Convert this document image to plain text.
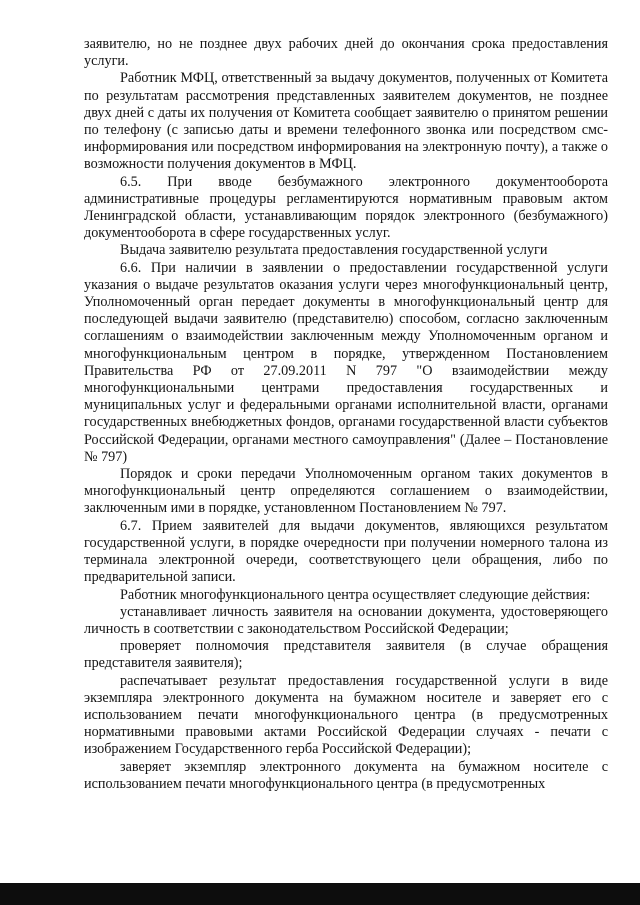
заявителю, но не позднее двух рабочих дней до окончания срока предоставления услуги.

Работник МФЦ, ответственный за выдачу документов, полученных от Комитета по результатам рассмотрения представленных заявителем документов, не позднее двух дней с даты их получения от Комитета сообщает заявителю о принятом решении по телефону (с записью даты и времени телефонного звонка или посредством смс-информирования или посредством информирования на электронную почту), а также о возможности получения документов в МФЦ.

6.5. При вводе безбумажного электронного документооборота административные процедуры регламентируются нормативным правовым актом Ленинградской области, устанавливающим порядок электронного (безбумажного) документооборота в сфере государственных услуг.

Выдача заявителю результата предоставления государственной услуги

6.6. При наличии в заявлении о предоставлении государственной услуги указания о выдаче результатов оказания услуги через многофункциональный центр, Уполномоченный орган передает документы в многофункциональный центр для последующей выдачи заявителю (представителю) способом, согласно заключенным соглашениям о взаимодействии заключенным между Уполномоченным органом и многофункциональным центром в порядке, утвержденном Постановлением Правительства РФ от 27.09.2011 N 797 "О взаимодействии между многофункциональными центрами предоставления государственных и муниципальных услуг и федеральными органами исполнительной власти, органами государственных внебюджетных фондов, органами государственной власти субъектов Российской Федерации, органами местного самоуправления" (Далее – Постановление № 797)

Порядок и сроки передачи Уполномоченным органом таких документов в многофункциональный центр определяются соглашением о взаимодействии, заключенным ими в порядке, установленном Постановлением № 797.

6.7. Прием заявителей для выдачи документов, являющихся результатом государственной услуги, в порядке очередности при получении номерного талона из терминала электронной очереди, соответствующего цели обращения, либо по предварительной записи.

Работник многофункционального центра осуществляет следующие действия:

устанавливает личность заявителя на основании документа, удостоверяющего личность в соответствии с законодательством Российской Федерации;

проверяет полномочия представителя заявителя (в случае обращения представителя заявителя);

распечатывает результат предоставления государственной услуги в виде экземпляра электронного документа на бумажном носителе и заверяет его с использованием печати многофункционального центра (в предусмотренных нормативными правовыми актами Российской Федерации случаях - печати с изображением Государственного герба Российской Федерации);

заверяет экземпляр электронного документа на бумажном носителе с использованием печати многофункционального центра (в предусмотренных
